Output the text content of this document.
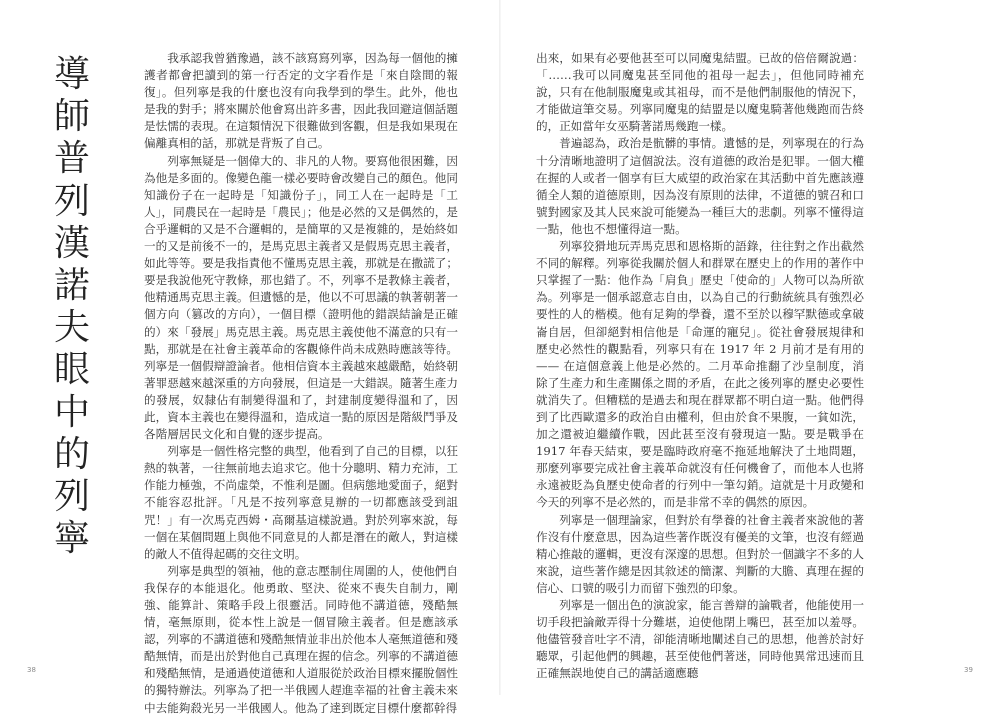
導
師
普
列
漢
諾
夫
眼
中
的
列
寧

我承認我曾猶豫過，該不該寫寫列寧，因為每一個他的擁護者都會把讀到的第一行否定的文字看作是「來自陰間的報復」。但列寧是我的什麼也沒有向我學到的學生。此外，他也是我的對手；將來關於他會寫出許多書，因此我回避這個話題是怯懦的表現。在這類情況下很難做到客觀，但是我如果現在偏離真相的話，那就是背叛了自己。

列寧無疑是一個偉大的、非凡的人物。要寫他很困難，因為他是多面的。像變色龍一樣必要時會改變自己的顏色。他同知識份子在一起時是「知識份子」，同工人在一起時是「工人」，同農民在一起時是「農民」；他是必然的又是偶然的，是合乎邏輯的又是不合邏輯的，是簡單的又是複雜的，是始終如一的又是前後不一的，是馬克思主義者又是假馬克思主義者，如此等等。要是我指責他不懂馬克思主義，那就是在撒謊了；要是我說他死守教條，那也錯了。不，列寧不是教條主義者，他精通馬克思主義。但遺憾的是，他以不可思議的執著朝著一個方向（篡改的方向），一個目標（證明他的錯誤結論是正確的）來「發展」馬克思主義。馬克思主義使他不滿意的只有一點，那就是在社會主義革命的客觀條件尚未成熟時應該等待。列寧是一個假辯證論者。他相信資本主義越來越嚴酷，始終朝著罪惡越來越深重的方向發展，但這是一大錯誤。隨著生產力的發展，奴隸佔有制變得溫和了，封建制度變得溫和了，因此，資本主義也在變得溫和，造成這一點的原因是階級鬥爭及各階層居民文化和自覺的逐步提高。

列寧是一個性格完整的典型，他看到了自己的目標，以狂熱的執著，一往無前地去追求它。他十分聰明、精力充沛，工作能力極強，不尚虛榮，不惟利是圖。但病態地愛面子，絕對不能容忍批評。「凡是不按列寧意見辦的一切都應該受到詛咒！」有一次馬克西姆・高爾基這樣說過。對於列寧來說，每一個在某個問題上與他不同意見的人都是潛在的敵人，對這樣的敵人不值得起碼的交往文明。

列寧是典型的領袖，他的意志壓制住周圍的人，使他們自我保存的本能退化。他勇敢、堅決、從來不喪失自制力，剛強、能算計、策略手段上很靈活。同時他不講道德，殘酷無情，毫無原則，從本性上說是一個冒險主義者。但是應該承認，列寧的不講道德和殘酷無情並非出於他本人毫無道德和殘酷無情，而是出於對他自己真理在握的信念。列寧的不講道德和殘酷無情，是通過使道德和人道服從於政治目標來擺脫個性的獨特辦法。列寧為了把一半俄國人趕進幸福的社會主義未來中去能夠殺光另一半俄國人。他為了達到既定目標什麼都幹得

出來，如果有必要他甚至可以同魔鬼結盟。已故的倍倍爾說過：「……我可以同魔鬼甚至同他的祖母一起去」，但他同時補充說，只有在他制服魔鬼或其祖母，而不是他們制服他的情況下，才能做這筆交易。列寧同魔鬼的結盟是以魔鬼騎著他幾跑而告終的，正如當年女巫騎著諾馬幾跑一樣。

普遍認為，政治是骯髒的事情。遺憾的是，列寧現在的行為十分清晰地證明了這個說法。沒有道德的政治是犯罪。一個大權在握的人或者一個享有巨大威望的政治家在其活動中首先應該遵循全人類的道德原則，因為沒有原則的法律，不道德的號召和口號對國家及其人民來說可能變為一種巨大的悲劇。列寧不懂得這一點，他也不想懂得這一點。

列寧狡猾地玩弄馬克思和恩格斯的語錄，往往對之作出截然不同的解釋。列寧從我關於個人和群眾在歷史上的作用的著作中只掌握了一點：他作為「肩負」歷史「使命的」人物可以為所欲為。列寧是一個承認意志自由，以為自己的行動統統具有強烈必要性的人的楷模。他有足夠的學養，還不至於以穆罕默德或拿破崙自居，但卻絕對相信他是「命運的寵兒」。從社會發展規律和歷史必然性的觀點看，列寧只有在 1917 年 2 月前才是有用的 —— 在這個意義上他是必然的。二月革命推翻了沙皇制度，消除了生產力和生產關係之間的矛盾，在此之後列寧的歷史必要性就消失了。但糟糕的是過去和現在群眾都不明白這一點。他們得到了比西歐還多的政治自由權利，但由於食不果腹，一貧如洗，加之還被迫繼續作戰，因此甚至沒有發現這一點。要是戰爭在 1917 年春天結束，要是臨時政府毫不拖延地解決了土地問題，那麼列寧要完成社會主義革命就沒有任何機會了，而他本人也將永遠被貶為負歷史使命者的行列中一筆勾銷。這就是十月政變和今天的列寧不是必然的，而是非常不幸的偶然的原因。

列寧是一個理論家，但對於有學養的社會主義者來說他的著作沒有什麼意思，因為這些著作既沒有優美的文筆，也沒有經過精心推敲的邏輯，更沒有深邃的思想。但對於一個識字不多的人來說，這些著作總是因其敘述的簡潔、判斷的大膽、真理在握的信心、口號的吸引力而留下強烈的印象。

列寧是一個出色的演說家，能言善辯的論戰者，他能使用一切手段把論敵弄得十分難堪，迫使他閉上嘴巴，甚至加以羞辱。他儘管發音吐字不清，卻能清晰地闡述自己的思想，他善於討好聽眾，引起他們的興趣，甚至使他們著迷，同時他異常迅速而且正確無誤地使自己的講話適應聽

38	39
